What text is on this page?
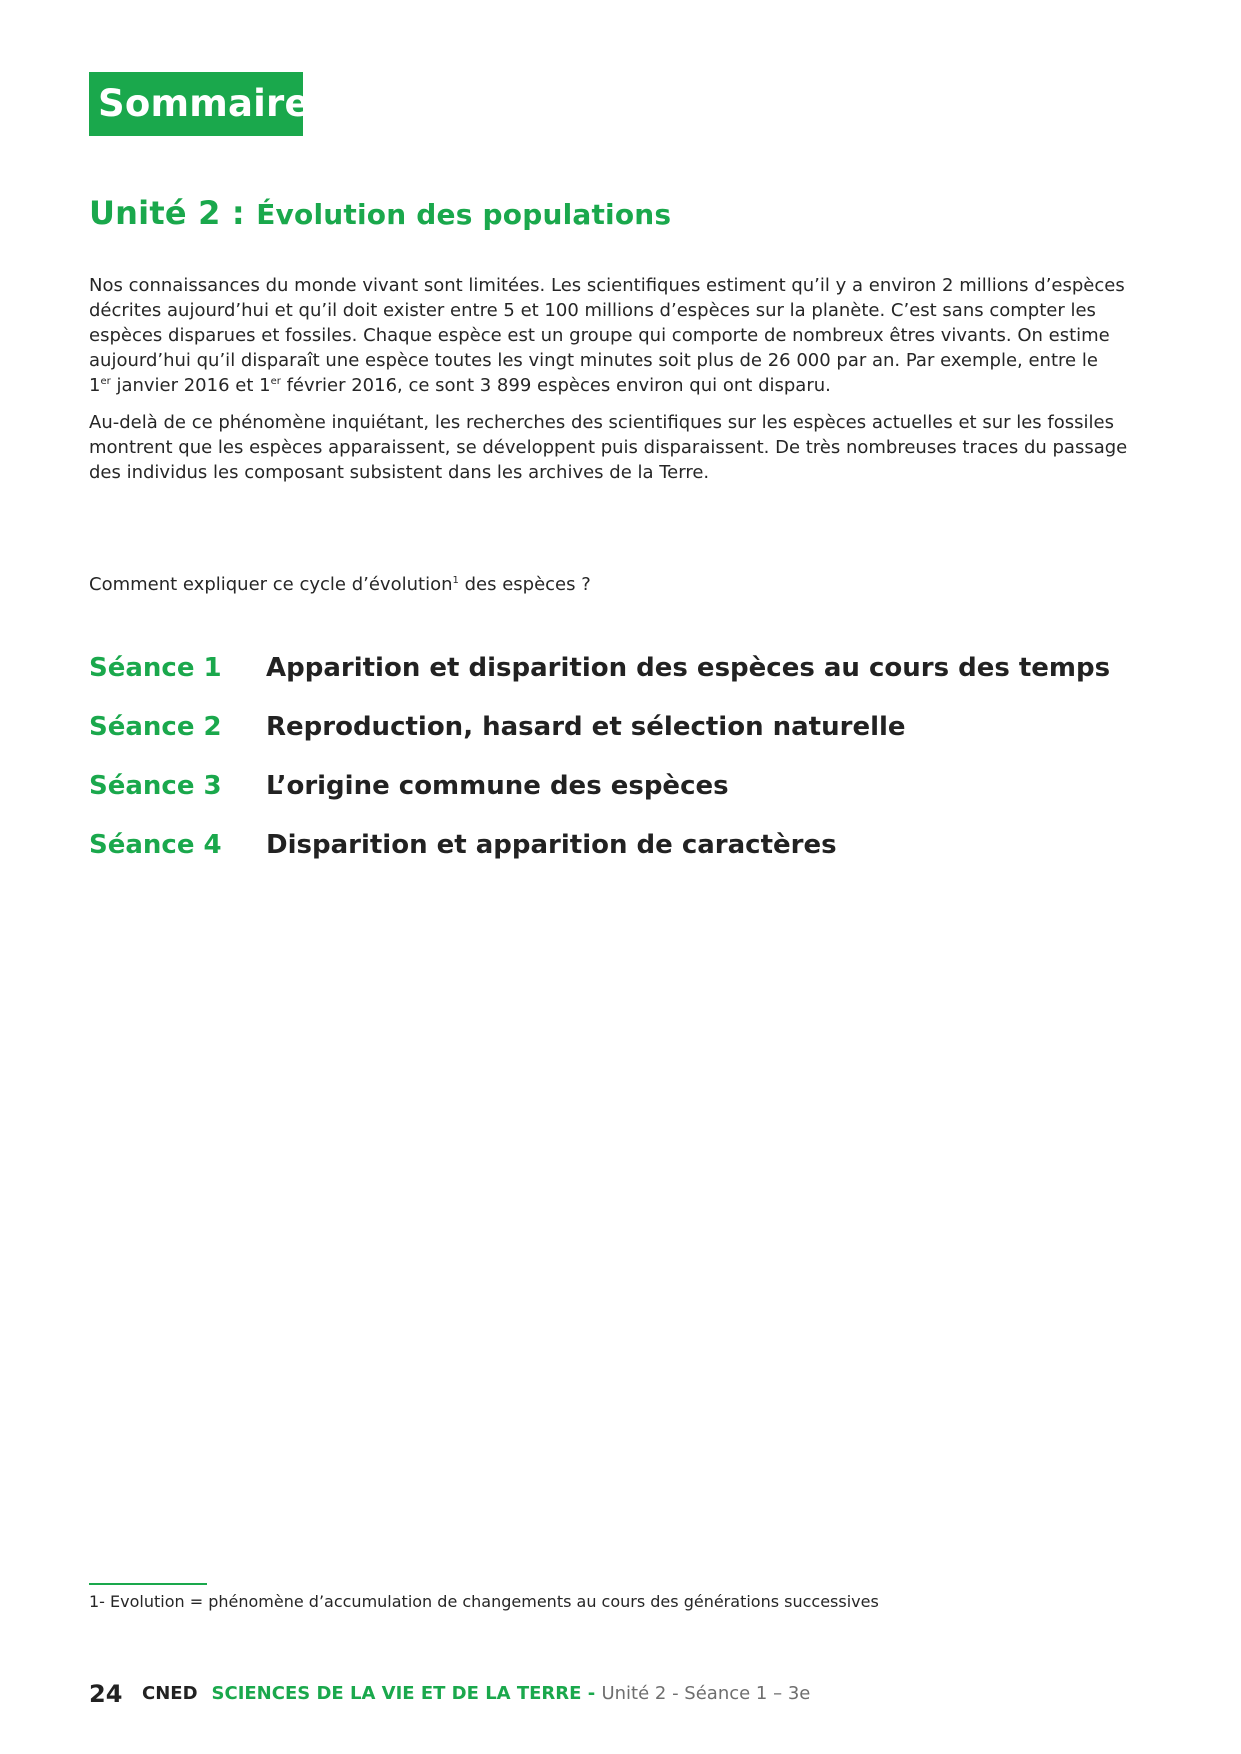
Sommaire
Unité 2 : Évolution des populations

Nos connaissances du monde vivant sont limitées. Les scientifiques estiment qu’il y a environ 2 millions d’espèces
décrites aujourd’hui et qu’il doit exister entre 5 et 100 millions d’espèces sur la planète. C’est sans compter les
espèces disparues et fossiles. Chaque espèce est un groupe qui comporte de nombreux êtres vivants. On estime
aujourd’hui qu’il disparaît une espèce toutes les vingt minutes soit plus de 26 000 par an. Par exemple, entre le
1er janvier 2016 et 1er février 2016, ce sont 3 899 espèces environ qui ont disparu.

Au-delà de ce phénomène inquiétant, les recherches des scientifiques sur les espèces actuelles et sur les fossiles
montrent que les espèces apparaissent, se développent puis disparaissent. De très nombreuses traces du passage
des individus les composant subsistent dans les archives de la Terre.

Comment expliquer ce cycle d’évolution$^1$ des espèces ?

Séance 1 Apparition et disparition des espèces au cours des temps
Séance 2 Reproduction, hasard et sélection naturelle
Séance 3 L’origine commune des espèces
Séance 4 Disparition et apparition de caractères

1- Evolution = phénomène d’accumulation de changements au cours des générations successives

24 CNED SCIENCES DE LA VIE ET DE LA TERRE - Unité 2 - Séance 1 – 3e
